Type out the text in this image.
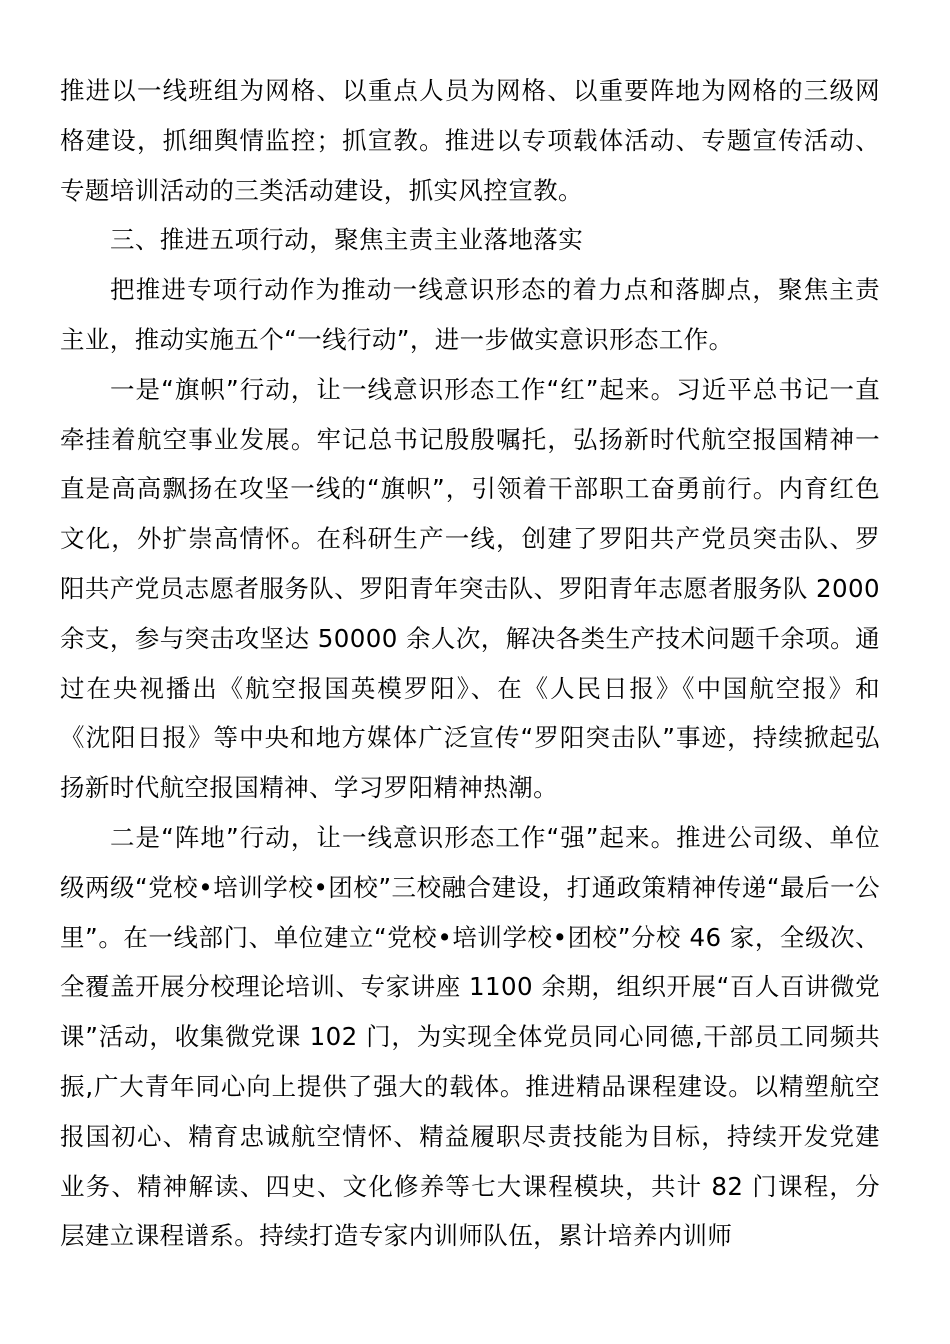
推进以一线班组为网格、以重点人员为网格、以重要阵地为网格的三级网格建设，抓细舆情监控；抓宣教。推进以专项载体活动、专题宣传活动、专题培训活动的三类活动建设，抓实风控宣教。

三、推进五项行动，聚焦主责主业落地落实

把推进专项行动作为推动一线意识形态的着力点和落脚点，聚焦主责主业，推动实施五个“一线行动”，进一步做实意识形态工作。

一是“旗帜”行动，让一线意识形态工作“红”起来。习近平总书记一直牵挂着航空事业发展。牢记总书记殷殷嘱托，弘扬新时代航空报国精神一直是高高飘扬在攻坚一线的“旗帜”，引领着干部职工奋勇前行。内育红色文化，外扩崇高情怀。在科研生产一线，创建了罗阳共产党员突击队、罗阳共产党员志愿者服务队、罗阳青年突击队、罗阳青年志愿者服务队 2000 余支，参与突击攻坚达 50000 余人次，解决各类生产技术问题千余项。通过在央视播出《航空报国英模罗阳》、在《人民日报》《中国航空报》和《沈阳日报》等中央和地方媒体广泛宣传“罗阳突击队”事迹，持续掀起弘扬新时代航空报国精神、学习罗阳精神热潮。

二是“阵地”行动，让一线意识形态工作“强”起来。推进公司级、单位级两级“党校•培训学校•团校”三校融合建设，打通政策精神传递“最后一公里”。在一线部门、单位建立“党校•培训学校•团校”分校 46 家，全级次、全覆盖开展分校理论培训、专家讲座 1100 余期，组织开展“百人百讲微党课”活动，收集微党课 102 门，为实现全体党员同心同德,干部员工同频共振,广大青年同心向上提供了强大的载体。推进精品课程建设。以精塑航空报国初心、精育忠诚航空情怀、精益履职尽责技能为目标，持续开发党建业务、精神解读、四史、文化修养等七大课程模块，共计 82 门课程，分层建立课程谱系。持续打造专家内训师队伍，累计培养内训师
